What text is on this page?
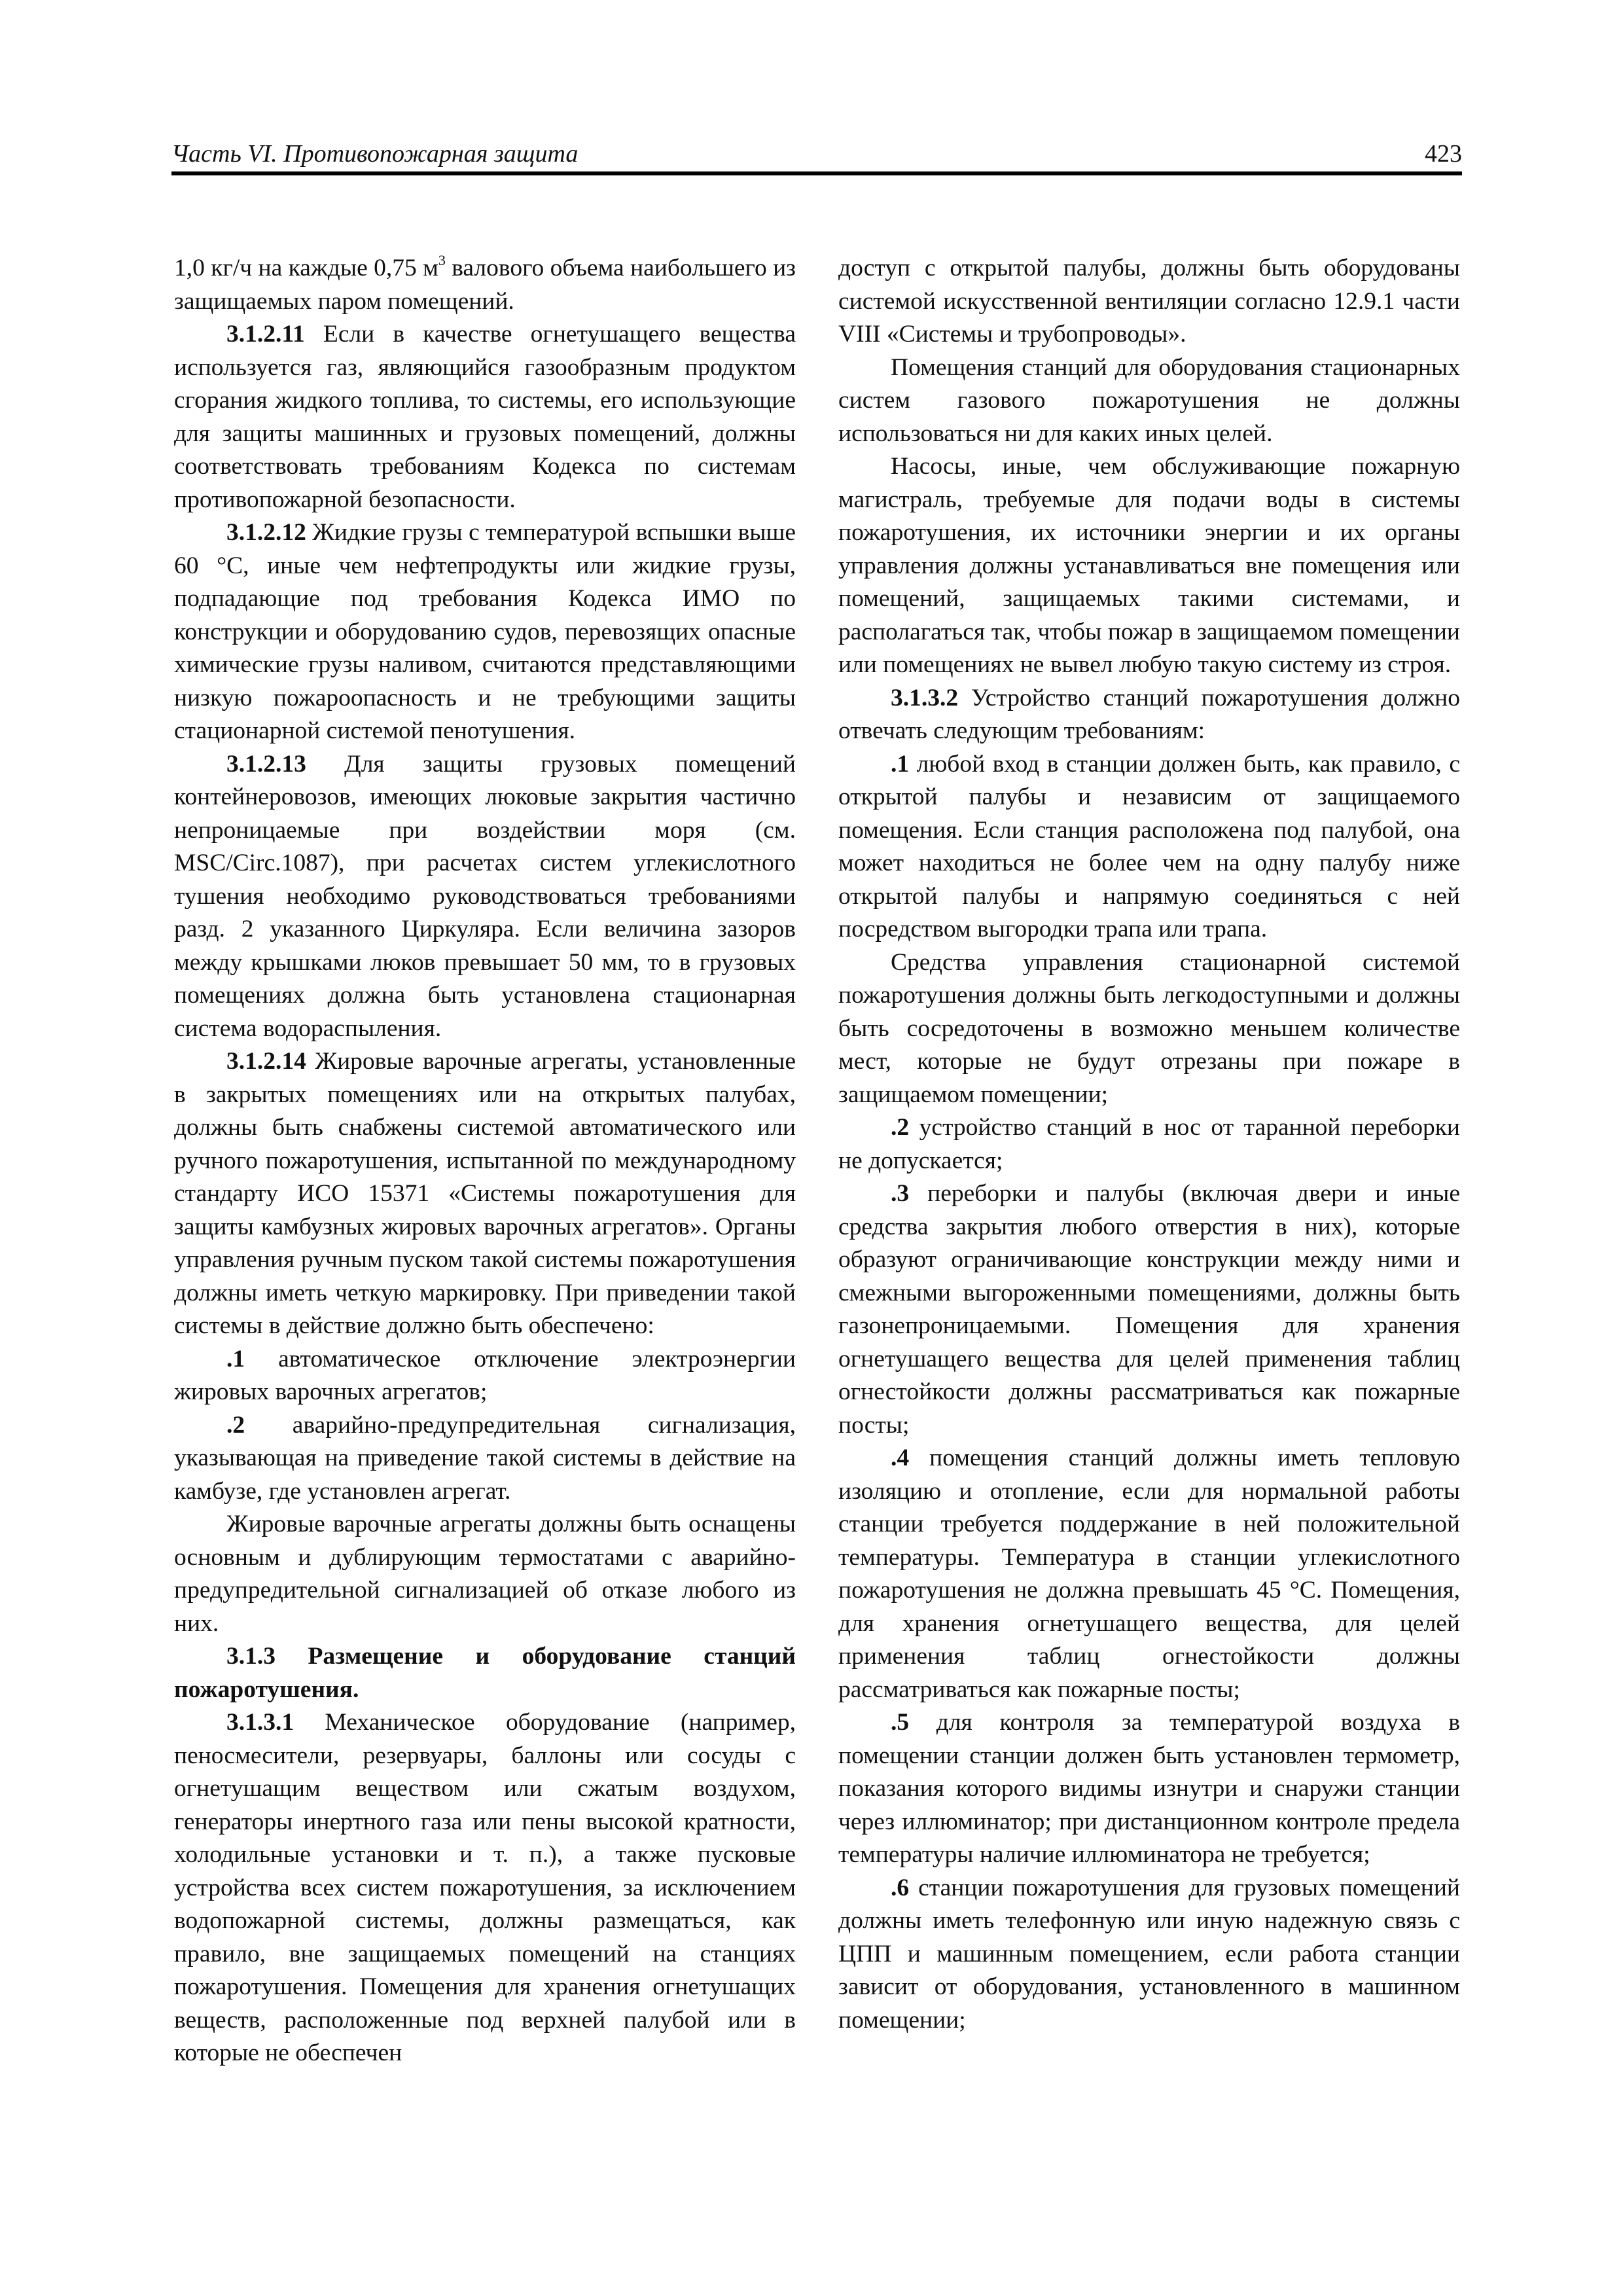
Часть VI. Противопожарная защита	423

1,0 кг/ч на каждые 0,75 $м^3$ валового объема наибольшего из защищаемых паром помещений.

3.1.2.11 Если в качестве огнетушащего вещества используется газ, являющийся газообразным продуктом сгорания жидкого топлива, то системы, его использующие для защиты машинных и грузовых помещений, должны соответствовать требованиям Кодекса по системам противопожарной безопасности.

3.1.2.12 Жидкие грузы с температурой вспышки выше 60 °С, иные чем нефтепродукты или жидкие грузы, подпадающие под требования Кодекса ИМО по конструкции и оборудованию судов, перевозящих опасные химические грузы наливом, считаются представляющими низкую пожароопасность и не требующими защиты стационарной системой пенотушения.

3.1.2.13 Для защиты грузовых помещений контейнеровозов, имеющих люковые закрытия частично непроницаемые при воздействии моря (см. MSC/Circ.1087), при расчетах систем углекислотного тушения необходимо руководствоваться требованиями разд. 2 указанного Циркуляра. Если величина зазоров между крышками люков превышает 50 мм, то в грузовых помещениях должна быть установлена стационарная система водораспыления.

3.1.2.14 Жировые варочные агрегаты, установленные в закрытых помещениях или на открытых палубах, должны быть снабжены системой автоматического или ручного пожаротушения, испытанной по международному стандарту ИСО 15371 «Системы пожаротушения для защиты камбузных жировых варочных агрегатов». Органы управления ручным пуском такой системы пожаротушения должны иметь четкую маркировку. При приведении такой системы в действие должно быть обеспечено:

.1 автоматическое отключение электроэнергии жировых варочных агрегатов;

.2 аварийно-предупредительная сигнализация, указывающая на приведение такой системы в действие на камбузе, где установлен агрегат.

Жировые варочные агрегаты должны быть оснащены основным и дублирующим термостатами с аварийно-предупредительной сигнализацией об отказе любого из них.

3.1.3 Размещение и оборудование станций пожаротушения.

3.1.3.1 Механическое оборудование (например, пеносмесители, резервуары, баллоны или сосуды с огнетушащим веществом или сжатым воздухом, генераторы инертного газа или пены высокой кратности, холодильные установки и т. п.), а также пусковые устройства всех систем пожаротушения, за исключением водопожарной системы, должны размещаться, как правило, вне защищаемых помещений на станциях пожаротушения. Помещения для хранения огнетушащих веществ, расположенные под верхней палубой или в которые не обеспечен

доступ с открытой палубы, должны быть оборудованы системой искусственной вентиляции согласно 12.9.1 части VIII «Системы и трубопроводы».

Помещения станций для оборудования стационарных систем газового пожаротушения не должны использоваться ни для каких иных целей.

Насосы, иные, чем обслуживающие пожарную магистраль, требуемые для подачи воды в системы пожаротушения, их источники энергии и их органы управления должны устанавливаться вне помещения или помещений, защищаемых такими системами, и располагаться так, чтобы пожар в защищаемом помещении или помещениях не вывел любую такую систему из строя.

3.1.3.2 Устройство станций пожаротушения должно отвечать следующим требованиям:

.1 любой вход в станции должен быть, как правило, с открытой палубы и независим от защищаемого помещения. Если станция расположена под палубой, она может находиться не более чем на одну палубу ниже открытой палубы и напрямую соединяться с ней посредством выгородки трапа или трапа.

Средства управления стационарной системой пожаротушения должны быть легкодоступными и должны быть сосредоточены в возможно меньшем количестве мест, которые не будут отрезаны при пожаре в защищаемом помещении;

.2 устройство станций в нос от таранной переборки не допускается;

.3 переборки и палубы (включая двери и иные средства закрытия любого отверстия в них), которые образуют ограничивающие конструкции между ними и смежными выгороженными помещениями, должны быть газонепроницаемыми. Помещения для хранения огнетушащего вещества для целей применения таблиц огнестойкости должны рассматриваться как пожарные посты;

.4 помещения станций должны иметь тепловую изоляцию и отопление, если для нормальной работы станции требуется поддержание в ней положительной температуры. Температура в станции углекислотного пожаротушения не должна превышать 45 °С. Помещения, для хранения огнетушащего вещества, для целей применения таблиц огнестойкости должны рассматриваться как пожарные посты;

.5 для контроля за температурой воздуха в помещении станции должен быть установлен термометр, показания которого видимы изнутри и снаружи станции через иллюминатор; при дистанционном контроле предела температуры наличие иллюминатора не требуется;

.6 станции пожаротушения для грузовых помещений должны иметь телефонную или иную надежную связь с ЦПП и машинным помещением, если работа станции зависит от оборудования, установленного в машинном помещении;
